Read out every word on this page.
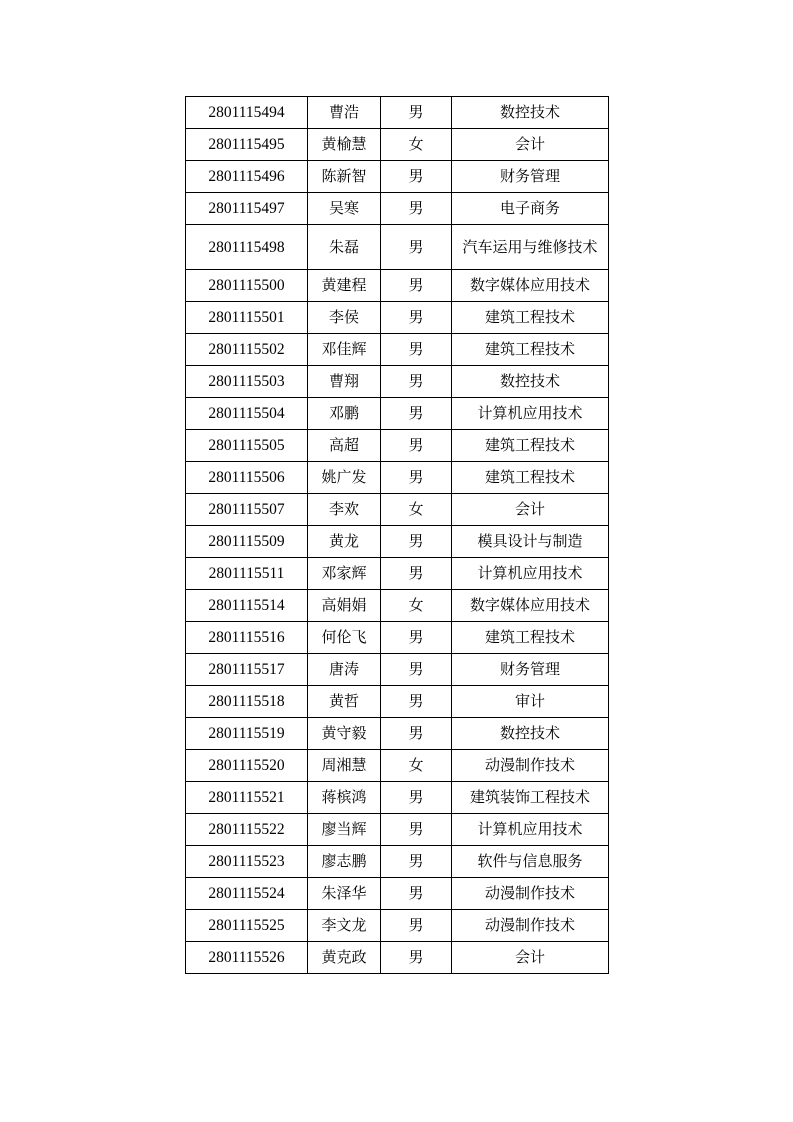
2801115494	曹浩	男	数控技术
2801115495	黄榆慧	女	会计
2801115496	陈新智	男	财务管理
2801115497	吴寒	男	电子商务
2801115498	朱磊	男	汽车运用与维修技术
2801115500	黄建程	男	数字媒体应用技术
2801115501	李侯	男	建筑工程技术
2801115502	邓佳辉	男	建筑工程技术
2801115503	曹翔	男	数控技术
2801115504	邓鹏	男	计算机应用技术
2801115505	高超	男	建筑工程技术
2801115506	姚广发	男	建筑工程技术
2801115507	李欢	女	会计
2801115509	黄龙	男	模具设计与制造
2801115511	邓家辉	男	计算机应用技术
2801115514	高娟娟	女	数字媒体应用技术
2801115516	何伦飞	男	建筑工程技术
2801115517	唐涛	男	财务管理
2801115518	黄哲	男	审计
2801115519	黄守毅	男	数控技术
2801115520	周湘慧	女	动漫制作技术
2801115521	蒋槟鸿	男	建筑装饰工程技术
2801115522	廖当辉	男	计算机应用技术
2801115523	廖志鹏	男	软件与信息服务
2801115524	朱泽华	男	动漫制作技术
2801115525	李文龙	男	动漫制作技术
2801115526	黄克政	男	会计
